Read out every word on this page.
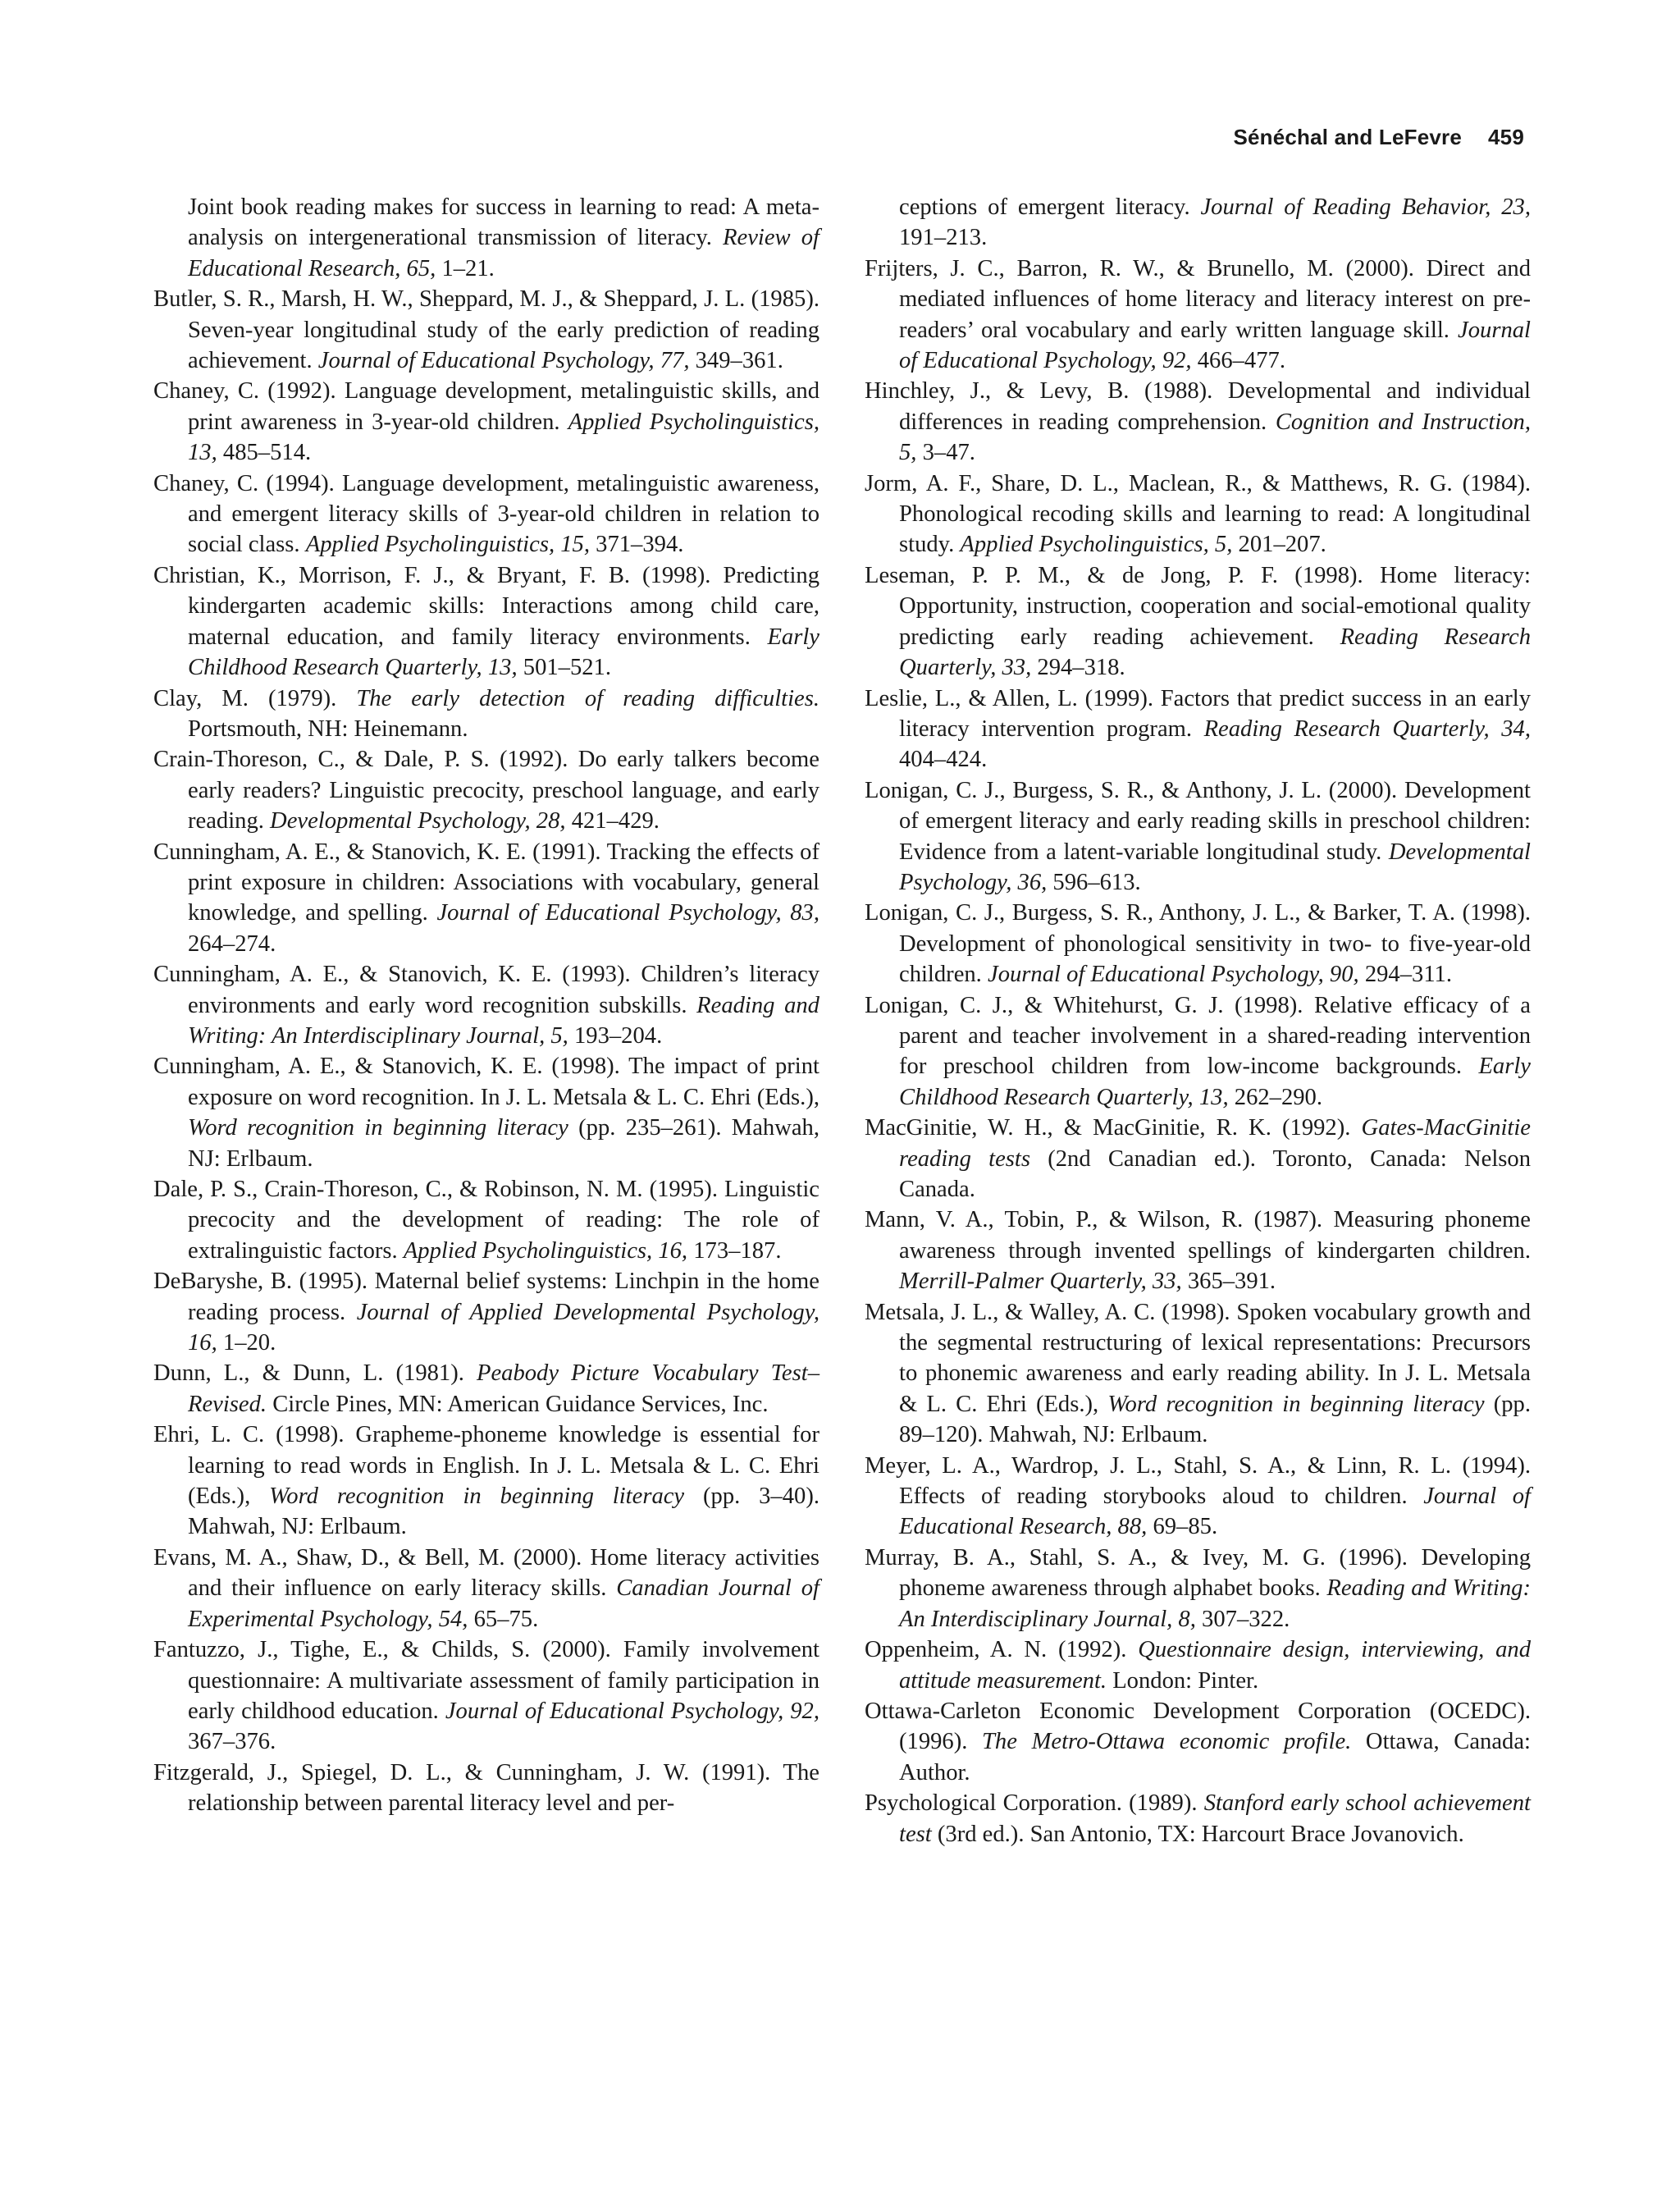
Sénéchal and LeFevre 459

Joint book reading makes for success in learning to read: A meta-analysis on intergenerational transmission of literacy. Review of Educational Research, 65, 1–21.

Butler, S. R., Marsh, H. W., Sheppard, M. J., & Sheppard, J. L. (1985). Seven-year longitudinal study of the early prediction of reading achievement. Journal of Educational Psychology, 77, 349–361.

Chaney, C. (1992). Language development, metalinguistic skills, and print awareness in 3-year-old children. Applied Psycholinguistics, 13, 485–514.

Chaney, C. (1994). Language development, metalinguistic awareness, and emergent literacy skills of 3-year-old children in relation to social class. Applied Psycholinguistics, 15, 371–394.

Christian, K., Morrison, F. J., & Bryant, F. B. (1998). Predicting kindergarten academic skills: Interactions among child care, maternal education, and family literacy environments. Early Childhood Research Quarterly, 13, 501–521.

Clay, M. (1979). The early detection of reading difficulties. Portsmouth, NH: Heinemann.

Crain-Thoreson, C., & Dale, P. S. (1992). Do early talkers become early readers? Linguistic precocity, preschool language, and early reading. Developmental Psychology, 28, 421–429.

Cunningham, A. E., & Stanovich, K. E. (1991). Tracking the effects of print exposure in children: Associations with vocabulary, general knowledge, and spelling. Journal of Educational Psychology, 83, 264–274.

Cunningham, A. E., & Stanovich, K. E. (1993). Children’s literacy environments and early word recognition subskills. Reading and Writing: An Interdisciplinary Journal, 5, 193–204.

Cunningham, A. E., & Stanovich, K. E. (1998). The impact of print exposure on word recognition. In J. L. Metsala & L. C. Ehri (Eds.), Word recognition in beginning literacy (pp. 235–261). Mahwah, NJ: Erlbaum.

Dale, P. S., Crain-Thoreson, C., & Robinson, N. M. (1995). Linguistic precocity and the development of reading: The role of extralinguistic factors. Applied Psycholinguistics, 16, 173–187.

DeBaryshe, B. (1995). Maternal belief systems: Linchpin in the home reading process. Journal of Applied Developmental Psychology, 16, 1–20.

Dunn, L., & Dunn, L. (1981). Peabody Picture Vocabulary Test–Revised. Circle Pines, MN: American Guidance Services, Inc.

Ehri, L. C. (1998). Grapheme-phoneme knowledge is essential for learning to read words in English. In J. L. Metsala & L. C. Ehri (Eds.), Word recognition in beginning literacy (pp. 3–40). Mahwah, NJ: Erlbaum.

Evans, M. A., Shaw, D., & Bell, M. (2000). Home literacy activities and their influence on early literacy skills. Canadian Journal of Experimental Psychology, 54, 65–75.

Fantuzzo, J., Tighe, E., & Childs, S. (2000). Family involvement questionnaire: A multivariate assessment of family participation in early childhood education. Journal of Educational Psychology, 92, 367–376.

Fitzgerald, J., Spiegel, D. L., & Cunningham, J. W. (1991). The relationship between parental literacy level and per-

ceptions of emergent literacy. Journal of Reading Behavior, 23, 191–213.

Frijters, J. C., Barron, R. W., & Brunello, M. (2000). Direct and mediated influences of home literacy and literacy interest on pre-readers’ oral vocabulary and early written language skill. Journal of Educational Psychology, 92, 466–477.

Hinchley, J., & Levy, B. (1988). Developmental and individual differences in reading comprehension. Cognition and Instruction, 5, 3–47.

Jorm, A. F., Share, D. L., Maclean, R., & Matthews, R. G. (1984). Phonological recoding skills and learning to read: A longitudinal study. Applied Psycholinguistics, 5, 201–207.

Leseman, P. P. M., & de Jong, P. F. (1998). Home literacy: Opportunity, instruction, cooperation and social-emotional quality predicting early reading achievement. Reading Research Quarterly, 33, 294–318.

Leslie, L., & Allen, L. (1999). Factors that predict success in an early literacy intervention program. Reading Research Quarterly, 34, 404–424.

Lonigan, C. J., Burgess, S. R., & Anthony, J. L. (2000). Development of emergent literacy and early reading skills in preschool children: Evidence from a latent-variable longitudinal study. Developmental Psychology, 36, 596–613.

Lonigan, C. J., Burgess, S. R., Anthony, J. L., & Barker, T. A. (1998). Development of phonological sensitivity in two- to five-year-old children. Journal of Educational Psychology, 90, 294–311.

Lonigan, C. J., & Whitehurst, G. J. (1998). Relative efficacy of a parent and teacher involvement in a shared-reading intervention for preschool children from low-income backgrounds. Early Childhood Research Quarterly, 13, 262–290.

MacGinitie, W. H., & MacGinitie, R. K. (1992). Gates-MacGinitie reading tests (2nd Canadian ed.). Toronto, Canada: Nelson Canada.

Mann, V. A., Tobin, P., & Wilson, R. (1987). Measuring phoneme awareness through invented spellings of kindergarten children. Merrill-Palmer Quarterly, 33, 365–391.

Metsala, J. L., & Walley, A. C. (1998). Spoken vocabulary growth and the segmental restructuring of lexical representations: Precursors to phonemic awareness and early reading ability. In J. L. Metsala & L. C. Ehri (Eds.), Word recognition in beginning literacy (pp. 89–120). Mahwah, NJ: Erlbaum.

Meyer, L. A., Wardrop, J. L., Stahl, S. A., & Linn, R. L. (1994). Effects of reading storybooks aloud to children. Journal of Educational Research, 88, 69–85.

Murray, B. A., Stahl, S. A., & Ivey, M. G. (1996). Developing phoneme awareness through alphabet books. Reading and Writing: An Interdisciplinary Journal, 8, 307–322.

Oppenheim, A. N. (1992). Questionnaire design, interviewing, and attitude measurement. London: Pinter.

Ottawa-Carleton Economic Development Corporation (OCEDC). (1996). The Metro-Ottawa economic profile. Ottawa, Canada: Author.

Psychological Corporation. (1989). Stanford early school achievement test (3rd ed.). San Antonio, TX: Harcourt Brace Jovanovich.
